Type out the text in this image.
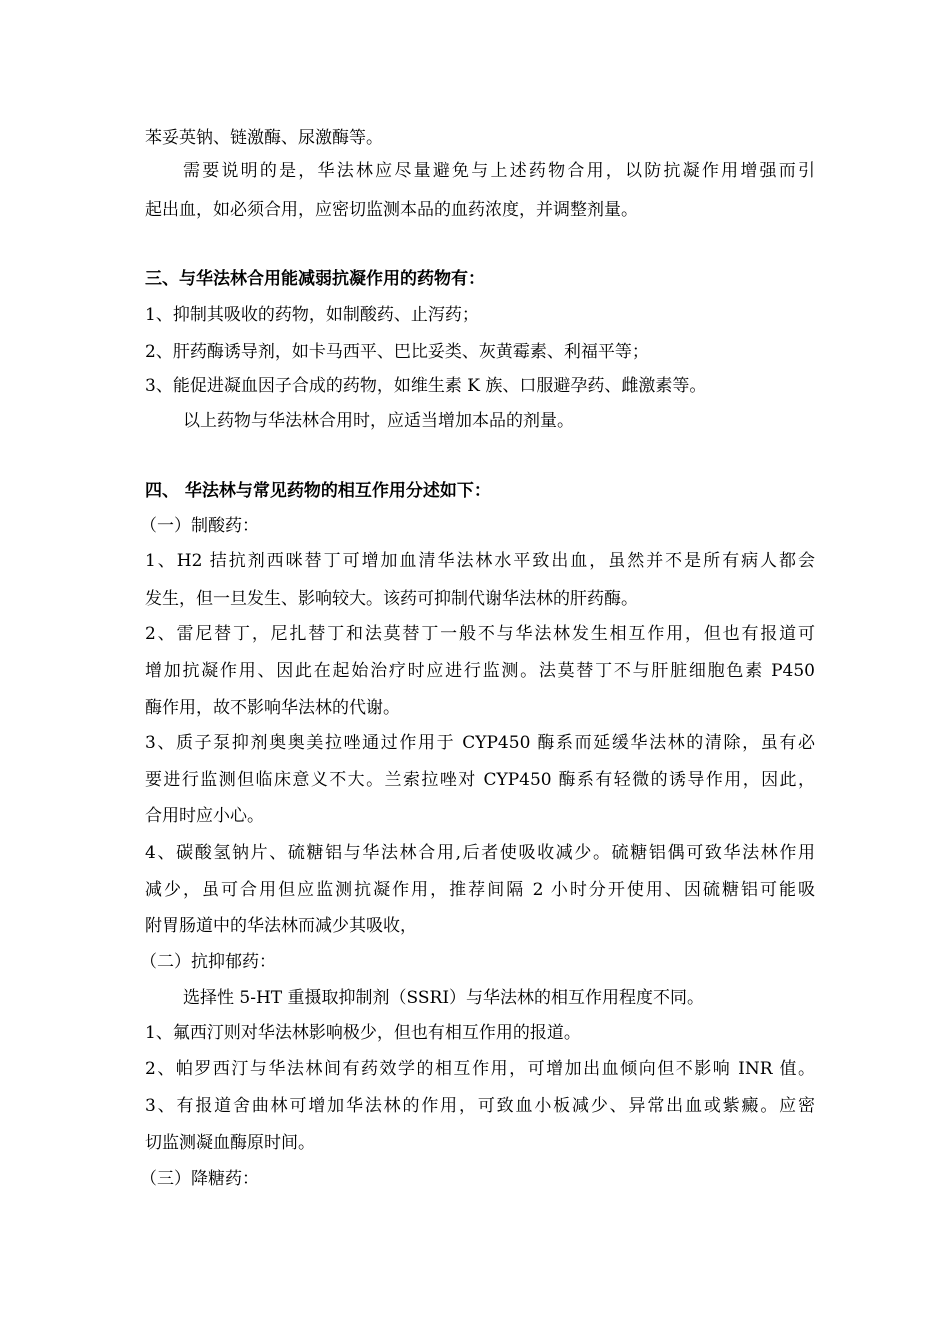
苯妥英钠、链激酶、尿激酶等。
需要说明的是，华法林应尽量避免与上述药物合用，以防抗凝作用增强而引
起出血，如必须合用，应密切监测本品的血药浓度，并调整剂量。
三、与华法林合用能减弱抗凝作用的药物有：
1、抑制其吸收的药物，如制酸药、止泻药；
2、肝药酶诱导剂，如卡马西平、巴比妥类、灰黄霉素、利福平等；
3、能促进凝血因子合成的药物，如维生素 K 族、口服避孕药、雌激素等。
以上药物与华法林合用时，应适当增加本品的剂量。
四、 华法林与常见药物的相互作用分述如下：
（一）制酸药：
1、H2 拮抗剂西咪替丁可增加血清华法林水平致出血，虽然并不是所有病人都会
发生，但一旦发生、影响较大。该药可抑制代谢华法林的肝药酶。
2、雷尼替丁，尼扎替丁和法莫替丁一般不与华法林发生相互作用，但也有报道可
增加抗凝作用、因此在起始治疗时应进行监测。法莫替丁不与肝脏细胞色素 P450
酶作用，故不影响华法林的代谢。
3、质子泵抑剂奥奥美拉唑通过作用于 CYP450 酶系而延缓华法林的清除，虽有必
要进行监测但临床意义不大。兰索拉唑对 CYP450 酶系有轻微的诱导作用，因此，
合用时应小心。
4、碳酸氢钠片、硫糖铝与华法林合用,后者使吸收减少。硫糖铝偶可致华法林作用
减少，虽可合用但应监测抗凝作用，推荐间隔 2 小时分开使用、因硫糖铝可能吸
附胃肠道中的华法林而减少其吸收，
（二）抗抑郁药：
选择性 5-HT 重摄取抑制剂（SSRI）与华法林的相互作用程度不同。
1、氟西汀则对华法林影响极少，但也有相互作用的报道。
2、帕罗西汀与华法林间有药效学的相互作用，可增加出血倾向但不影响 INR 值。
3、有报道舍曲林可增加华法林的作用，可致血小板减少、异常出血或紫癜。应密
切监测凝血酶原时间。
（三）降糖药：
